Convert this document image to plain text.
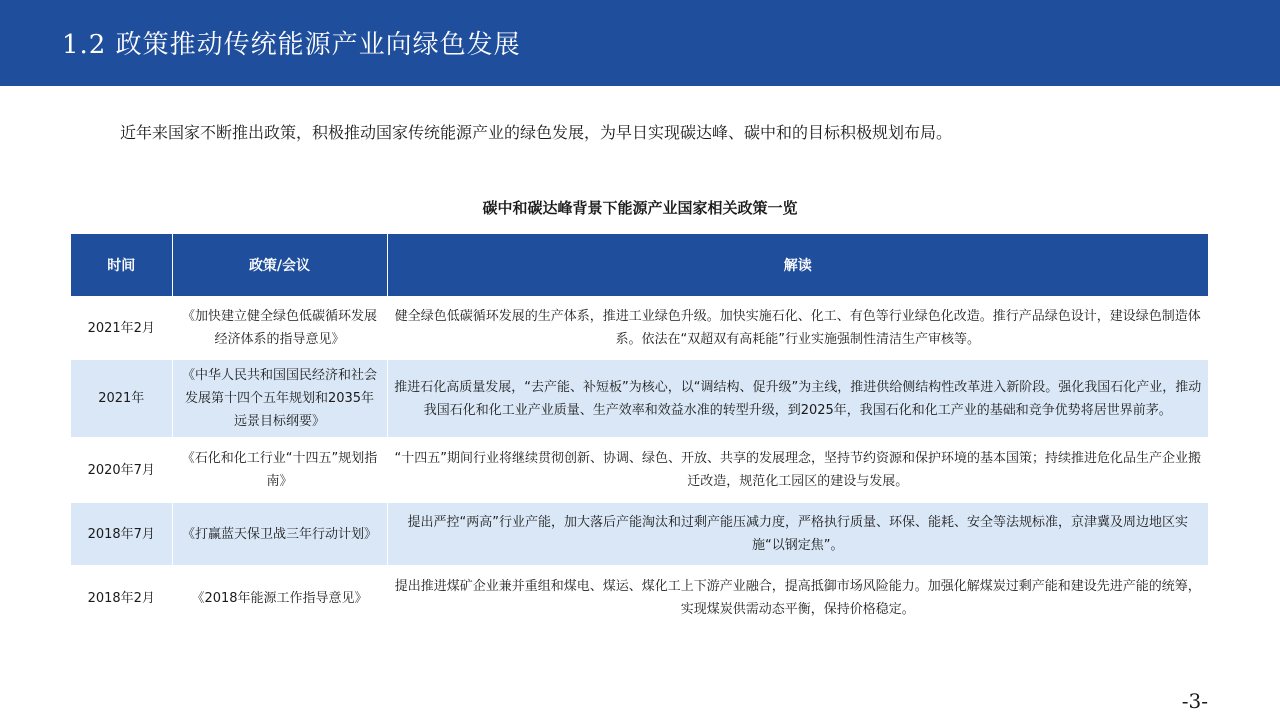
1.2 政策推动传统能源产业向绿色发展
近年来国家不断推出政策，积极推动国家传统能源产业的绿色发展，为早日实现碳达峰、碳中和的目标积极规划布局。
碳中和碳达峰背景下能源产业国家相关政策一览
时间	政策/会议	解读
2021年2月	《加快建立健全绿色低碳循环发展经济体系的指导意见》	健全绿色低碳循环发展的生产体系，推进工业绿色升级。加快实施石化、化工、有色等行业绿色化改造。推行产品绿色设计，建设绿色制造体系。依法在“双超双有高耗能”行业实施强制性清洁生产审核等。
2021年	《中华人民共和国国民经济和社会发展第十四个五年规划和2035年远景目标纲要》	推进石化高质量发展，“去产能、补短板”为核心，以“调结构、促升级”为主线，推进供给侧结构性改革进入新阶段。强化我国石化产业，推动我国石化和化工业产业质量、生产效率和效益水准的转型升级，到2025年，我国石化和化工产业的基础和竞争优势将居世界前茅。
2020年7月	《石化和化工行业“十四五”规划指南》	“十四五”期间行业将继续贯彻创新、协调、绿色、开放、共享的发展理念，坚持节约资源和保护环境的基本国策；持续推进危化品生产企业搬迁改造，规范化工园区的建设与发展。
2018年7月	《打赢蓝天保卫战三年行动计划》	提出严控“两高”行业产能，加大落后产能淘汰和过剩产能压减力度，严格执行质量、环保、能耗、安全等法规标准，京津冀及周边地区实施“以钢定焦”。
2018年2月	《2018年能源工作指导意见》	提出推进煤矿企业兼并重组和煤电、煤运、煤化工上下游产业融合，提高抵御市场风险能力。加强化解煤炭过剩产能和建设先进产能的统筹，实现煤炭供需动态平衡，保持价格稳定。
-3-
